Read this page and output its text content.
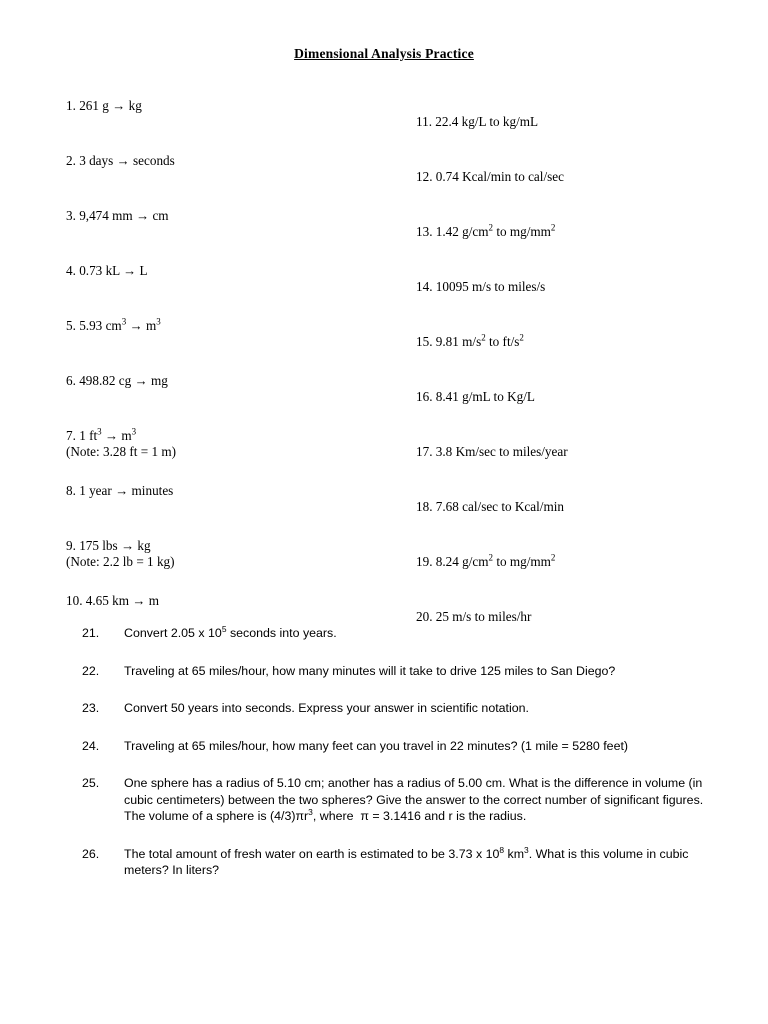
Dimensional Analysis Practice
1. 261 g → kg
2. 3 days → seconds
3. 9,474 mm → cm
4. 0.73 kL → L
5. 5.93 $cm^3 \to m^3$
6. 498.82 cg → mg
7. 1 $ft^3 \to m^3$
(Note: 3.28 ft = 1 m)
8. 1 year → minutes
9. 175 lbs → kg
(Note: 2.2 lb = 1 kg)
10. 4.65 km → m
11. 22.4 kg/L to kg/mL
12. 0.74 Kcal/min to cal/sec
13. 1.42 $g/cm^2$ to $mg/mm^2$
14. 10095 m/s to miles/s
15. 9.81 $m/s^2$ to $ft/s^2$
16. 8.41 g/mL to Kg/L
17. 3.8 Km/sec to miles/year
18. 7.68 cal/sec to Kcal/min
19. 8.24 $g/cm^2$ to $mg/mm^2$
20. 25 m/s to miles/hr
21.	Convert 2.05 x $10^5$ seconds into years.
22.	Traveling at 65 miles/hour, how many minutes will it take to drive 125 miles to San Diego?
23.	Convert 50 years into seconds. Express your answer in scientific notation.
24.	Traveling at 65 miles/hour, how many feet can you travel in 22 minutes? (1 mile = 5280 feet)
25.	One sphere has a radius of 5.10 cm; another has a radius of 5.00 cm. What is the difference in volume (in cubic centimeters) between the two spheres? Give the answer to the correct number of significant figures. The volume of a sphere is $(4/3)\pi r^3$, where  π = 3.1416 and r is the radius.
26.	The total amount of fresh water on earth is estimated to be 3.73 x $10^8$ $km^3$. What is this volume in cubic meters? In liters?
